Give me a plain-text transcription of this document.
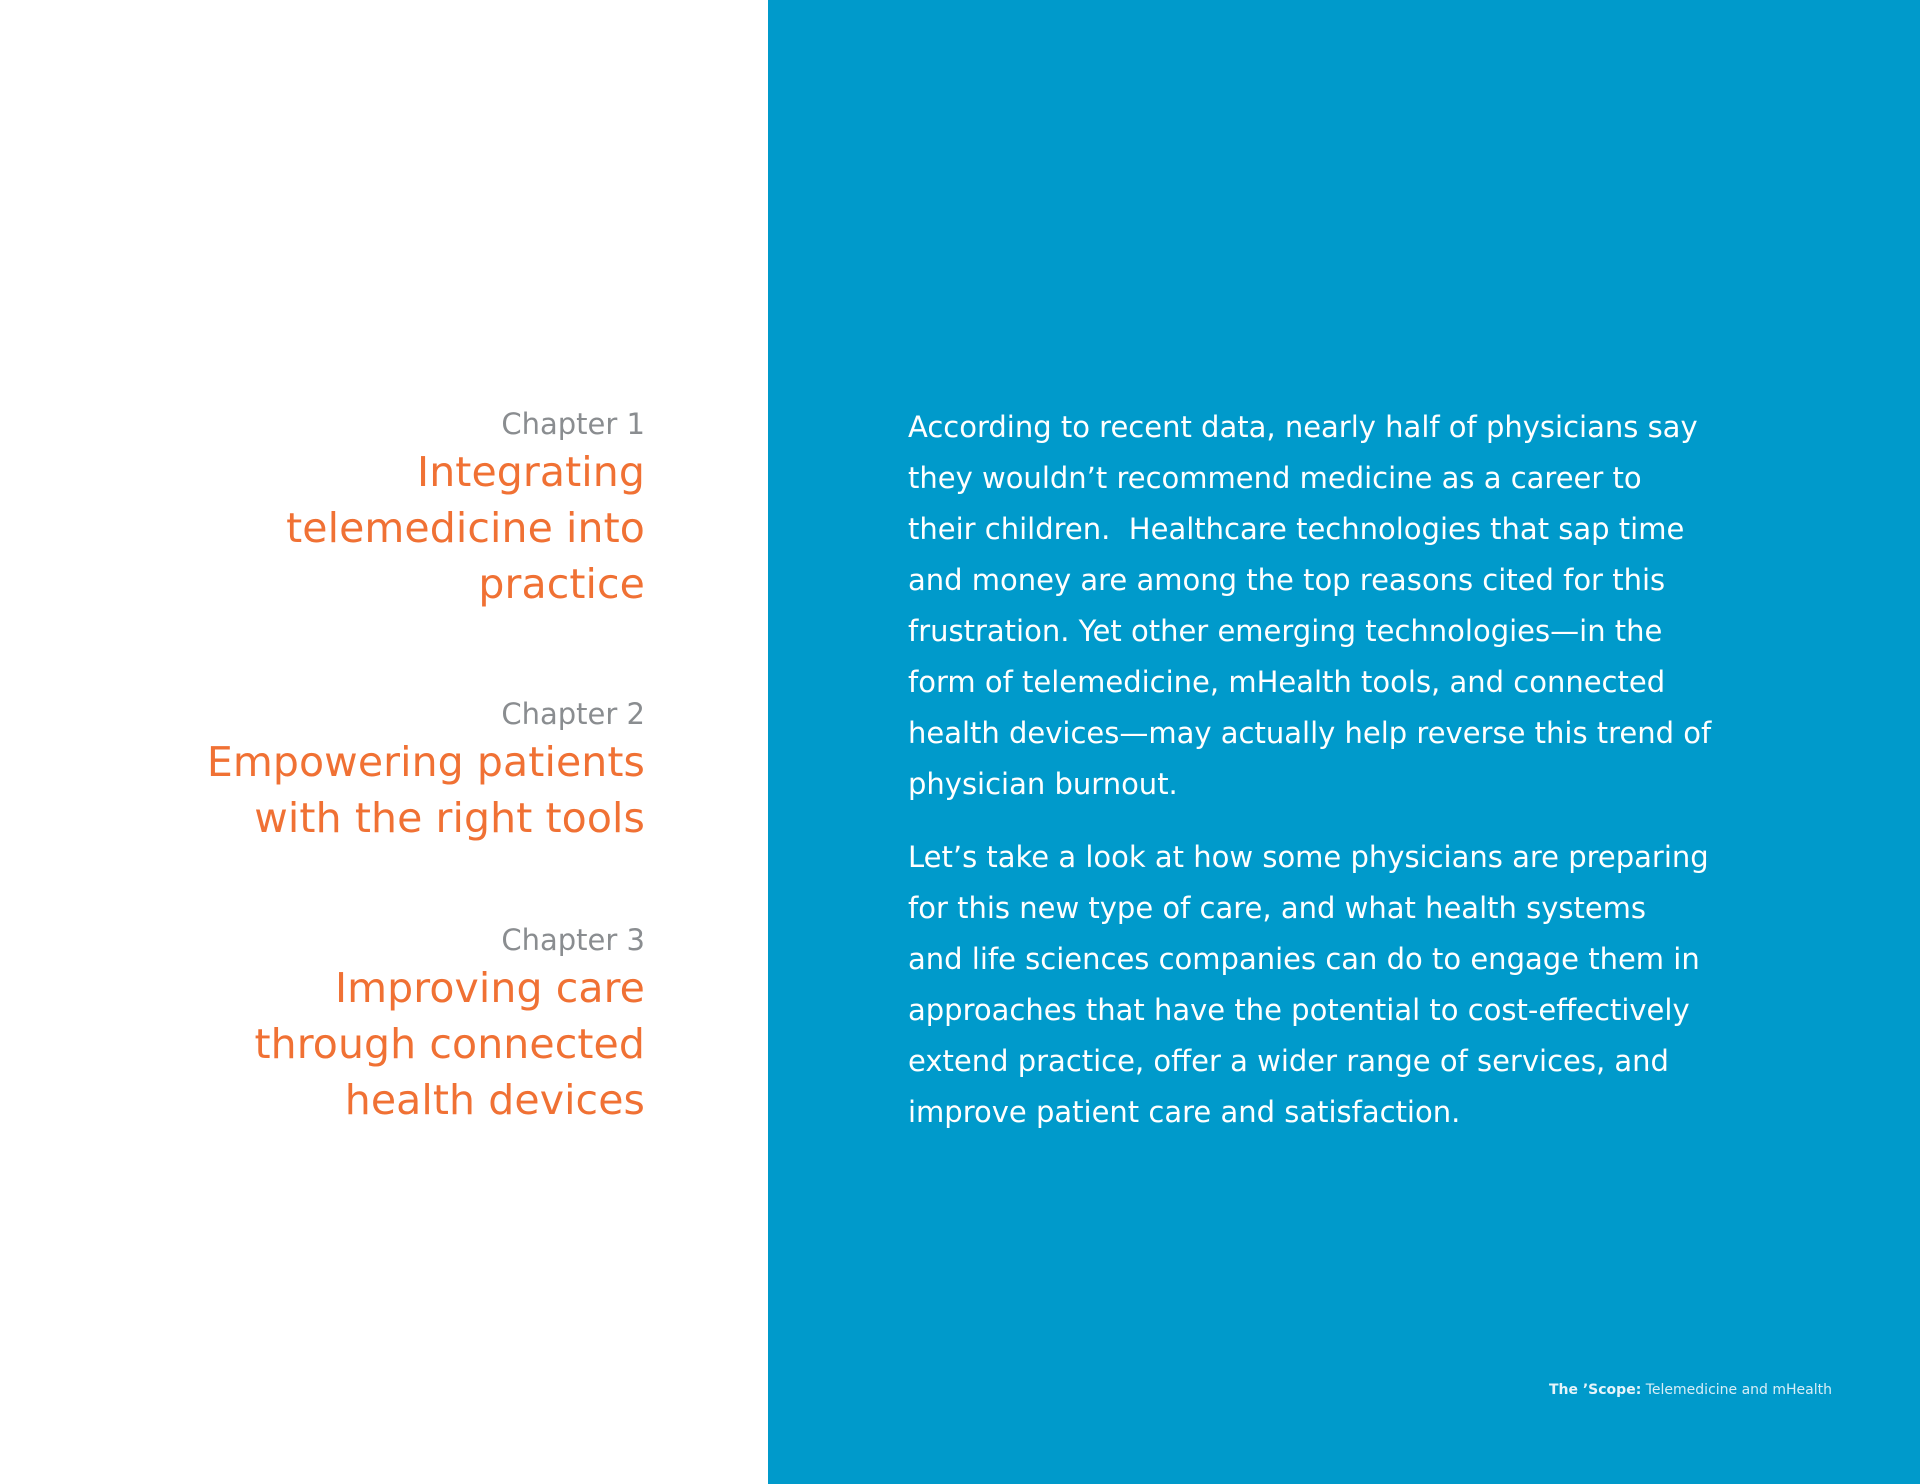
Chapter 1
Integrating
telemedicine into
practice
Chapter 2
Empowering patients
with the right tools
Chapter 3
Improving care
through connected
health devices

According to recent data, nearly half of physicians say
they wouldn’t recommend medicine as a career to
their children.  Healthcare technologies that sap time
and money are among the top reasons cited for this
frustration. Yet other emerging technologies—in the
form of telemedicine, mHealth tools, and connected
health devices—may actually help reverse this trend of
physician burnout.

Let’s take a look at how some physicians are preparing
for this new type of care, and what health systems
and life sciences companies can do to engage them in
approaches that have the potential to cost-effectively
extend practice, offer a wider range of services, and
improve patient care and satisfaction.

The ’Scope: Telemedicine and mHealth
